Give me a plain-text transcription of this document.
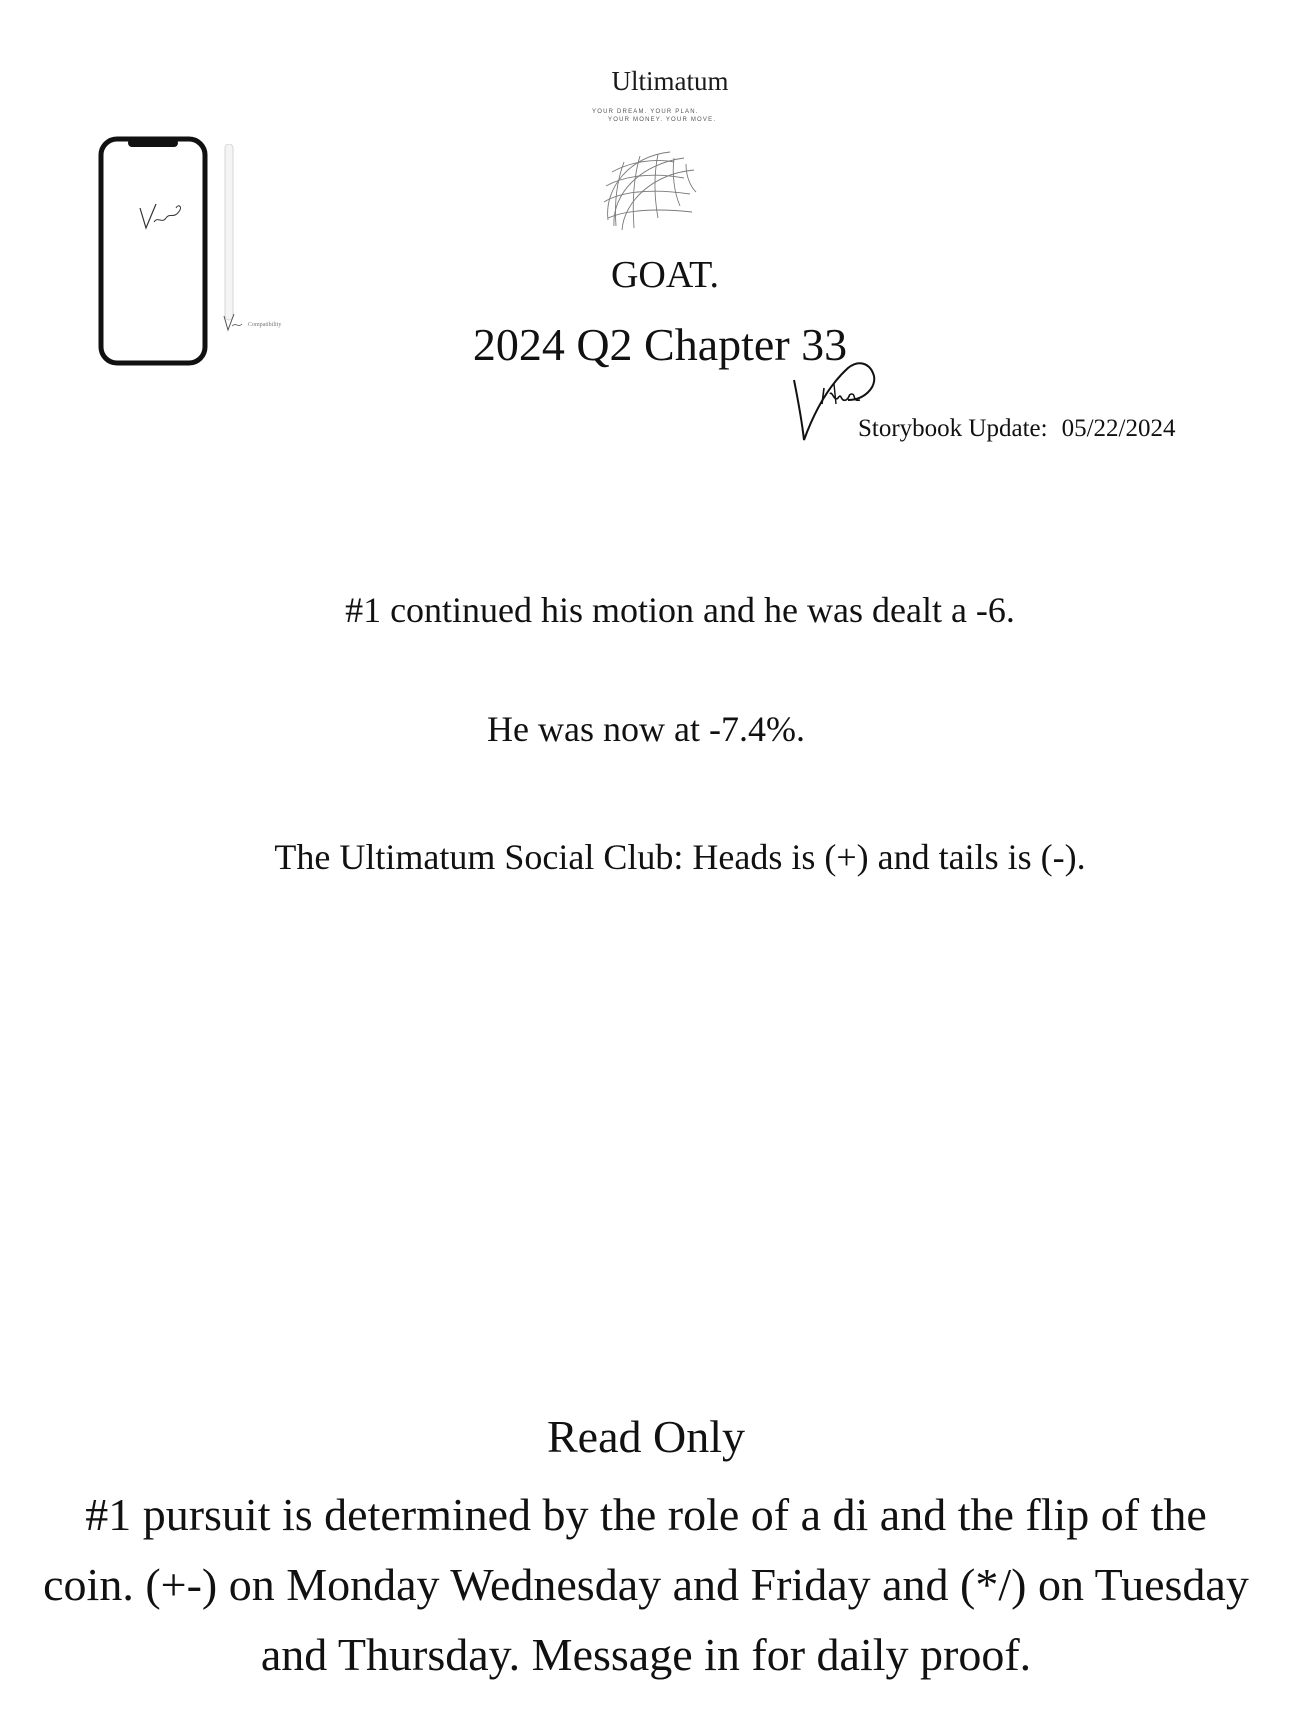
Ultimatum
YOUR DREAM. YOUR PLAN.
YOUR MONEY. YOUR MOVE.
GOAT.
2024 Q2 Chapter 33
Compatibility
Storybook Update: 05/22/2024
#1 continued his motion and he was dealt a -6.
He was now at -7.4%.
The Ultimatum Social Club: Heads is (+) and tails is (-).
Read Only
#1 pursuit is determined by the role of a di and the flip of the coin. (+-) on Monday Wednesday and Friday and (*/) on Tuesday and Thursday. Message in for daily proof.
